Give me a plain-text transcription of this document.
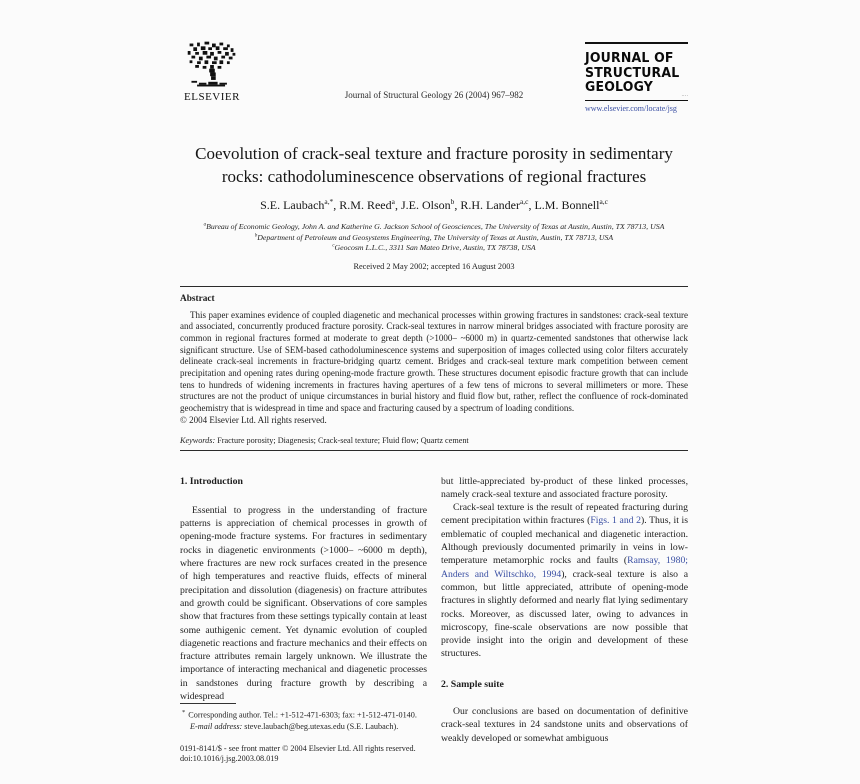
ELSEVIER	Journal of Structural Geology 26 (2004) 967–982
JOURNAL OF
STRUCTURAL
GEOLOGY
····
www.elsevier.com/locate/jsg
Coevolution of crack-seal texture and fracture porosity in sedimentary
rocks: cathodoluminescence observations of regional fractures
S.E. Laubach$^{a,*}$, R.M. Reed$^a$, J.E. Olson$^b$, R.H. Lander$^{a,c}$, L.M. Bonnell$^{a,c}$
$^a$Bureau of Economic Geology, John A. and Katherine G. Jackson School of Geosciences, The University of Texas at Austin, Austin, TX 78713, USA
$^b$Department of Petroleum and Geosystems Engineering, The University of Texas at Austin, Austin, TX 78713, USA
$^c$Geocosm L.L.C., 3311 San Mateo Drive, Austin, TX 78738, USA
Received 2 May 2002; accepted 16 August 2003
Abstract

This paper examines evidence of coupled diagenetic and mechanical processes within growing fractures in sandstones: crack-seal texture and associated, concurrently produced fracture porosity. Crack-seal textures in narrow mineral bridges associated with fracture porosity are common in regional fractures formed at moderate to great depth (>1000– ~6000 m) in quartz-cemented sandstones that otherwise lack significant structure. Use of SEM-based cathodoluminescence systems and superposition of images collected using color filters accurately delineate crack-seal increments in fracture-bridging quartz cement. Bridges and crack-seal texture mark competition between cement precipitation and opening rates during opening-mode fracture growth. These structures document episodic fracture growth that can include tens to hundreds of widening increments in fractures having apertures of a few tens of microns to several millimeters or more. These structures are not the product of unique circumstances in burial history and fluid flow but, rather, reflect the confluence of rock-dominated geochemistry that is widespread in time and space and fracturing caused by a spectrum of loading conditions.

© 2004 Elsevier Ltd. All rights reserved.
Keywords: Fracture porosity; Diagenesis; Crack-seal texture; Fluid flow; Quartz cement
1. Introduction

Essential to progress in the understanding of fracture patterns is appreciation of chemical processes in growth of opening-mode fracture systems. For fractures in sedimentary rocks in diagenetic environments (>1000– ~6000 m depth), where fractures are new rock surfaces created in the presence of high temperatures and reactive fluids, effects of mineral precipitation and dissolution (diagenesis) on fracture attributes and growth could be significant. Observations of core samples show that fractures from these settings typically contain at least some authigenic cement. Yet dynamic evolution of coupled diagenetic reactions and fracture mechanics and their effects on fracture attributes remain largely unknown. We illustrate the importance of interacting mechanical and diagenetic processes in sandstones during fracture growth by describing a widespread

* Corresponding author. Tel.: +1-512-471-6303; fax: +1-512-471-0140.
E-mail address: steve.laubach@beg.utexas.edu (S.E. Laubach).
0191-8141/$ - see front matter © 2004 Elsevier Ltd. All rights reserved.
doi:10.1016/j.jsg.2003.08.019

but little-appreciated by-product of these linked processes, namely crack-seal texture and associated fracture porosity.

Crack-seal texture is the result of repeated fracturing during cement precipitation within fractures (Figs. 1 and 2). Thus, it is emblematic of coupled mechanical and diagenetic interaction. Although previously documented primarily in veins in low-temperature metamorphic rocks and faults (Ramsay, 1980; Anders and Wiltschko, 1994), crack-seal texture is also a common, but little appreciated, attribute of opening-mode fractures in slightly deformed and nearly flat lying sedimentary rocks. Moreover, as discussed later, owing to advances in microscopy, fine-scale observations are now possible that provide insight into the origin and development of these structures.

2. Sample suite

Our conclusions are based on documentation of definitive crack-seal textures in 24 sandstone units and observations of weakly developed or somewhat ambiguous
